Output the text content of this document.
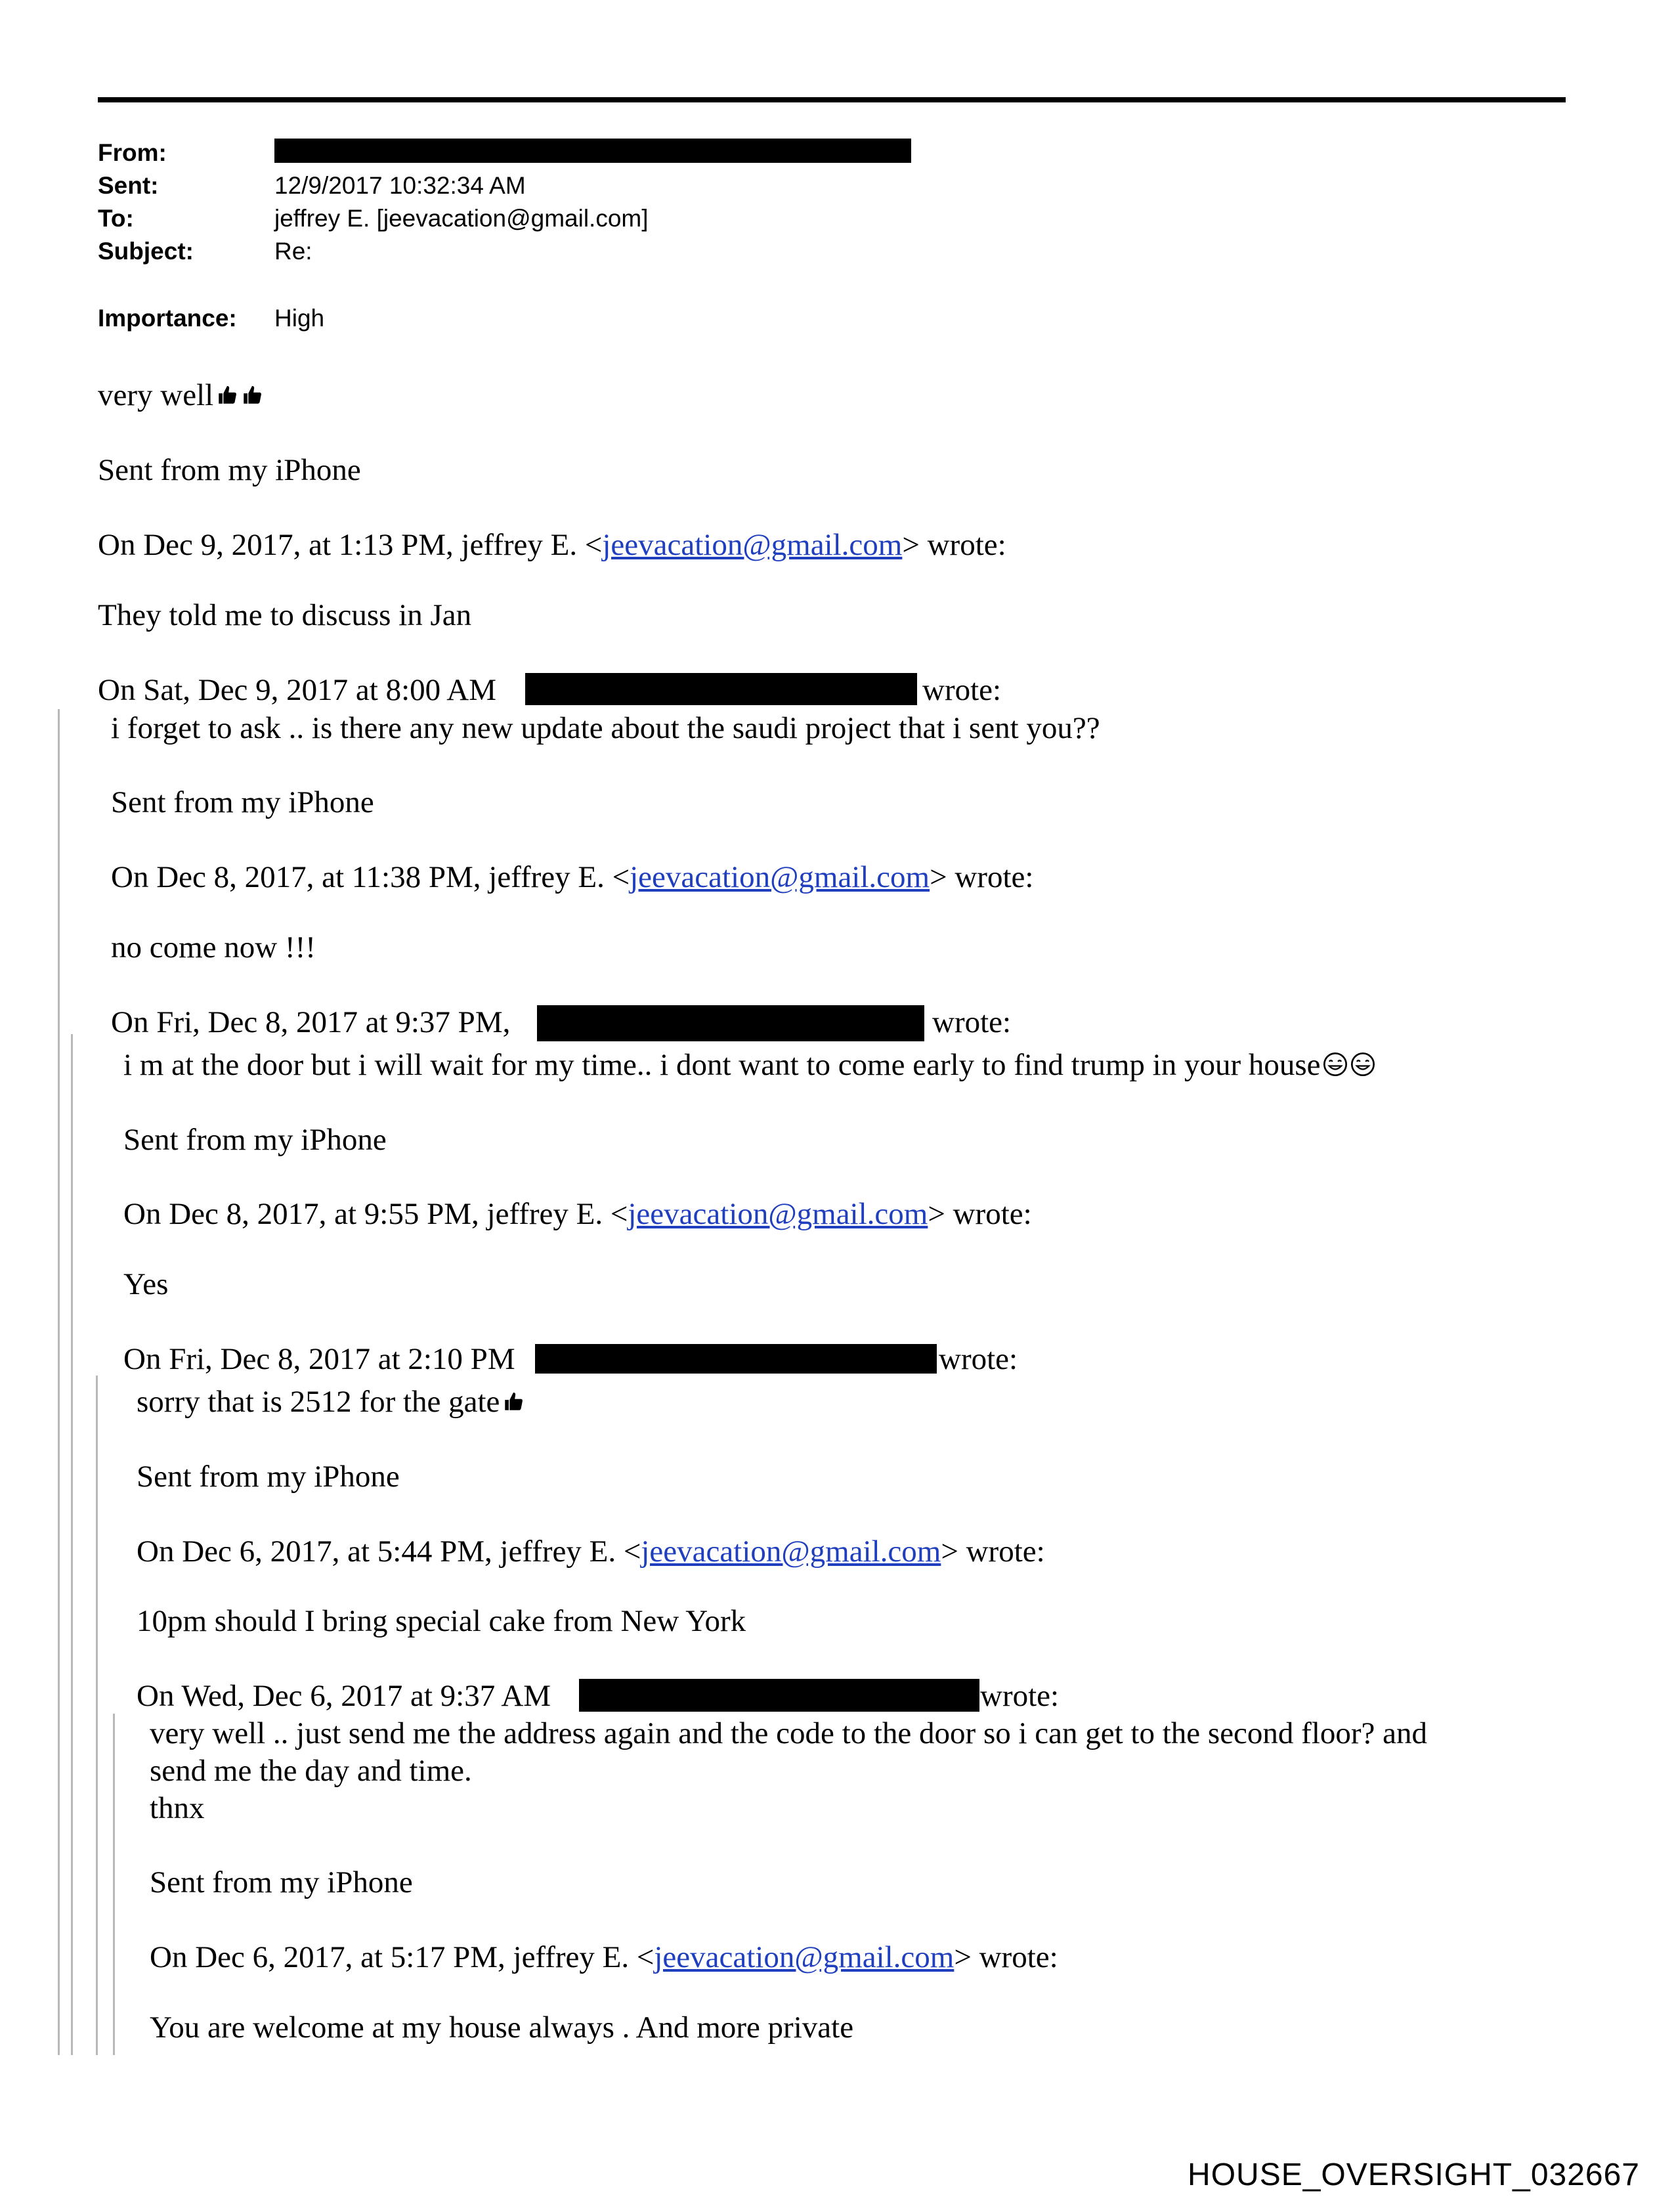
From:
Sent:	12/9/2017 10:32:34 AM
To:	jeffrey E. [jeevacation@gmail.com]
Subject:	Re:
Importance: High
very well
Sent from my iPhone
On Dec 9, 2017, at 1:13 PM, jeffrey E. <jeevacation@gmail.com> wrote:
They told me to discuss in Jan
On Sat, Dec 9, 2017 at 8:00 AM	wrote:
i forget to ask .. is there any new update about the saudi project that i sent you??
Sent from my iPhone
On Dec 8, 2017, at 11:38 PM, jeffrey E. <jeevacation@gmail.com> wrote:
no come now !!!
On Fri, Dec 8, 2017 at 9:37 PM,	wrote:
i m at the door but i will wait for my time.. i dont want to come early to find trump in your house
Sent from my iPhone
On Dec 8, 2017, at 9:55 PM, jeffrey E. <jeevacation@gmail.com> wrote:
Yes
On Fri, Dec 8, 2017 at 2:10 PM	wrote:
sorry that is 2512 for the gate
Sent from my iPhone
On Dec 6, 2017, at 5:44 PM, jeffrey E. <jeevacation@gmail.com> wrote:
10pm should I bring special cake from New York
On Wed, Dec 6, 2017 at 9:37 AM	wrote:
very well .. just send me the address again and the code to the door so i can get to the second floor? and
send me the day and time.
thnx
Sent from my iPhone
On Dec 6, 2017, at 5:17 PM, jeffrey E. <jeevacation@gmail.com> wrote:
You are welcome at my house always . And more private
HOUSE_OVERSIGHT_032667
